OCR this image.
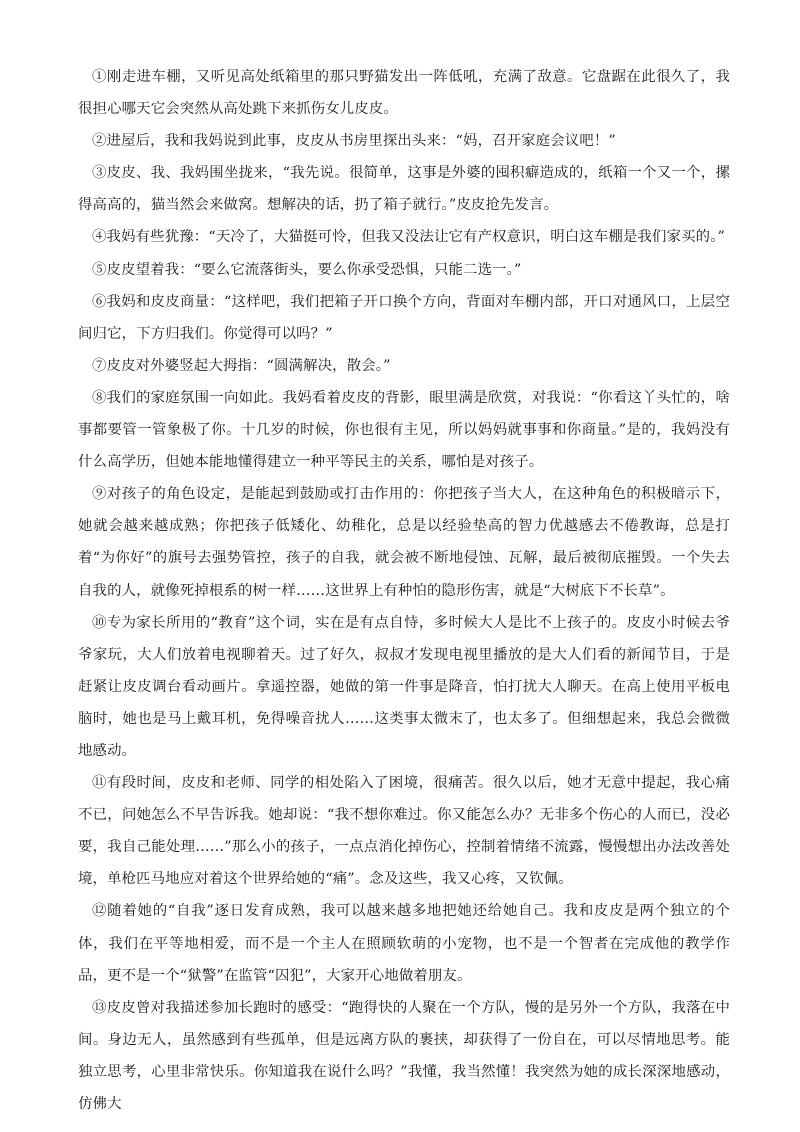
①刚走进车棚，又听见高处纸箱里的那只野猫发出一阵低吼，充满了敌意。它盘踞在此很久了，我很担心哪天它会突然从高处跳下来抓伤女儿皮皮。

②进屋后，我和我妈说到此事，皮皮从书房里探出头来：“妈，召开家庭会议吧！”

③皮皮、我、我妈围坐拢来，“我先说。很简单，这事是外婆的囤积癖造成的，纸箱一个又一个，摞得高高的，猫当然会来做窝。想解决的话，扔了箱子就行。”皮皮抢先发言。

④我妈有些犹豫：“天冷了，大猫挺可怜，但我又没法让它有产权意识，明白这车棚是我们家买的。”

⑤皮皮望着我：“要么它流落街头，要么你承受恐惧，只能二选一。”

⑥我妈和皮皮商量：“这样吧，我们把箱子开口换个方向，背面对车棚内部，开口对通风口，上层空间归它，下方归我们。你觉得可以吗？”

⑦皮皮对外婆竖起大拇指：“圆满解决，散会。”

⑧我们的家庭氛围一向如此。我妈看着皮皮的背影，眼里满是欣赏，对我说：“你看这丫头忙的，啥事都要管一管象极了你。十几岁的时候，你也很有主见，所以妈妈就事事和你商量。”是的，我妈没有什么高学历，但她本能地懂得建立一种平等民主的关系，哪怕是对孩子。

⑨对孩子的角色设定，是能起到鼓励或打击作用的：你把孩子当大人，在这种角色的积极暗示下，她就会越来越成熟；你把孩子低矮化、幼稚化，总是以经验垫高的智力优越感去不倦教诲，总是打着“为你好”的旗号去强势管控，孩子的自我，就会被不断地侵蚀、瓦解，最后被彻底摧毁。一个失去自我的人，就像死掉根系的树一样……这世界上有种怕的隐形伤害，就是“大树底下不长草”。

⑩专为家长所用的“教育”这个词，实在是有点自恃，多时候大人是比不上孩子的。皮皮小时候去爷爷家玩，大人们放着电视聊着天。过了好久，叔叔才发现电视里播放的是大人们看的新闻节目，于是赶紧让皮皮调台看动画片。拿遥控器，她做的第一件事是降音，怕打扰大人聊天。在高上使用平板电脑时，她也是马上戴耳机，免得噪音扰人……这类事太微末了，也太多了。但细想起来，我总会微微地感动。

⑪有段时间，皮皮和老师、同学的相处陷入了困境，很痛苦。很久以后，她才无意中提起，我心痛不已，问她怎么不早告诉我。她却说：“我不想你难过。你又能怎么办？无非多个伤心的人而已，没必要，我自己能处理……”那么小的孩子，一点点消化掉伤心，控制着情绪不流露，慢慢想出办法改善处境，单枪匹马地应对着这个世界给她的“痛”。念及这些，我又心疼，又钦佩。

⑫随着她的“自我”逐日发育成熟，我可以越来越多地把她还给她自己。我和皮皮是两个独立的个体，我们在平等地相爱，而不是一个主人在照顾软萌的小宠物，也不是一个智者在完成他的教学作品，更不是一个“狱警”在监管“囚犯”，大家开心地做着朋友。

⑬皮皮曾对我描述参加长跑时的感受：“跑得快的人聚在一个方队，慢的是另外一个方队，我落在中间。身边无人，虽然感到有些孤单，但是远离方队的裹挟，却获得了一份自在，可以尽情地思考。能独立思考，心里非常快乐。你知道我在说什么吗？”我懂，我当然懂！我突然为她的成长深深地感动，仿佛大
